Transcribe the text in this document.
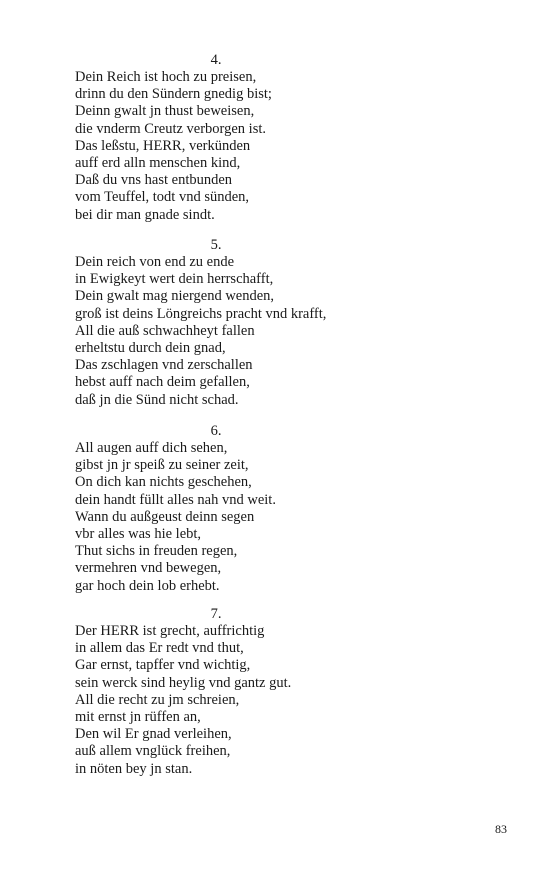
4.
Dein Reich ist hoch zu preisen,
drinn du den Sündern gnedig bist;
Deinn gwalt jn thust beweisen,
die vnderm Creutz verborgen ist.
Das leßstu, HERR, verkünden
auff erd alln menschen kind,
Daß du vns hast entbunden
vom Teuffel, todt vnd sünden,
bei dir man gnade sindt.
5.
Dein reich von end zu ende
in Ewigkeyt wert dein herrschafft,
Dein gwalt mag niergend wenden,
groß ist deins Löngreichs pracht vnd krafft,
All die auß schwachheyt fallen
erheltstu durch dein gnad,
Das zschlagen vnd zerschallen
hebst auff nach deim gefallen,
daß jn die Sünd nicht schad.
6.
All augen auff dich sehen,
gibst jn jr speiß zu seiner zeit,
On dich kan nichts geschehen,
dein handt füllt alles nah vnd weit.
Wann du außgeust deinn segen
vbr alles was hie lebt,
Thut sichs in freuden regen,
vermehren vnd bewegen,
gar hoch dein lob erhebt.
7.
Der HERR ist grecht, auffrichtig
in allem das Er redt vnd thut,
Gar ernst, tapffer vnd wichtig,
sein werck sind heylig vnd gantz gut.
All die recht zu jm schreien,
mit ernst jn rüffen an,
Den wil Er gnad verleihen,
auß allem vnglück freihen,
in nöten bey jn stan.
83
